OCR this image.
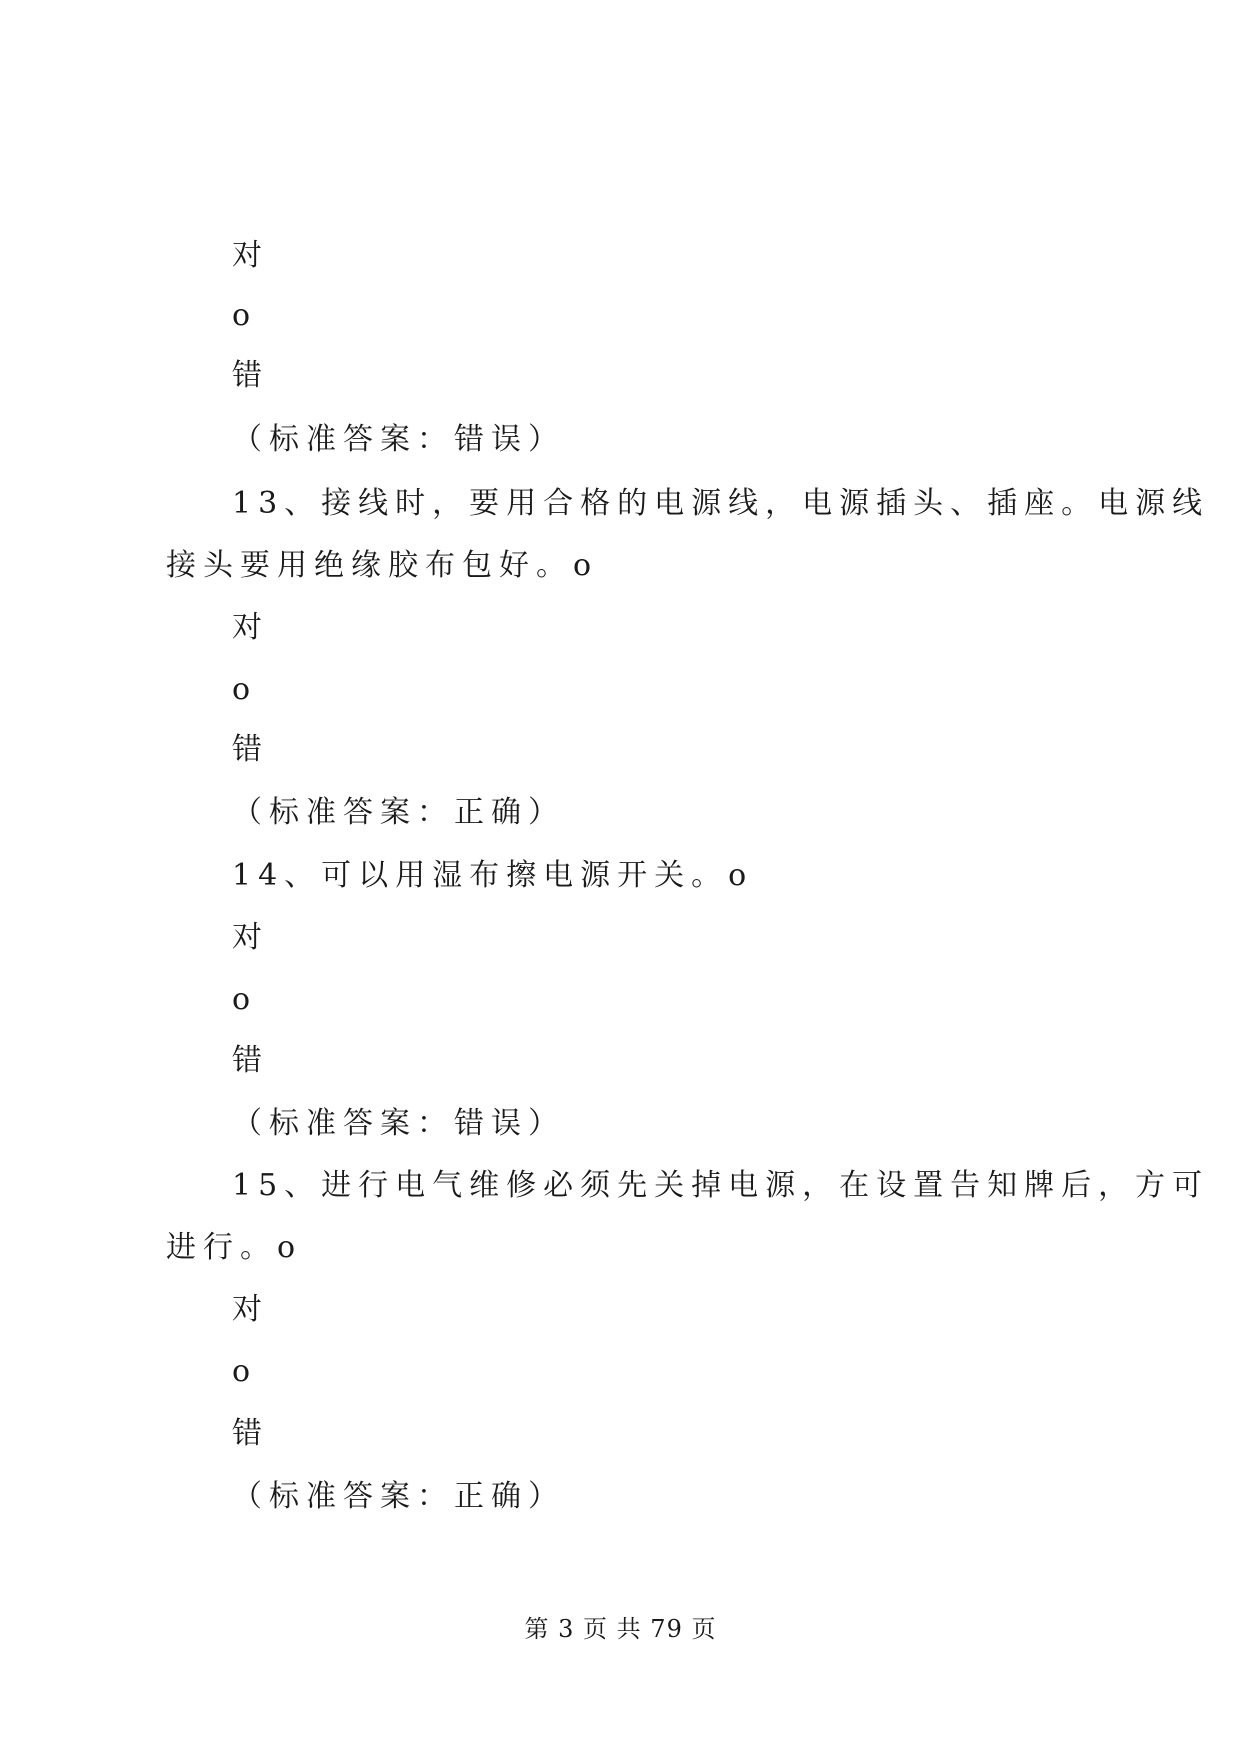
对
o
错
（标准答案：错误）
13、接线时，要用合格的电源线，电源插头、插座。电源线
接头要用绝缘胶布包好。o
对
o
错
（标准答案：正确）
14、可以用湿布擦电源开关。o
对
o
错
（标准答案：错误）
15、进行电气维修必须先关掉电源，在设置告知牌后，方可
进行。o
对
o
错
（标准答案：正确）
第 3 页 共 79 页
